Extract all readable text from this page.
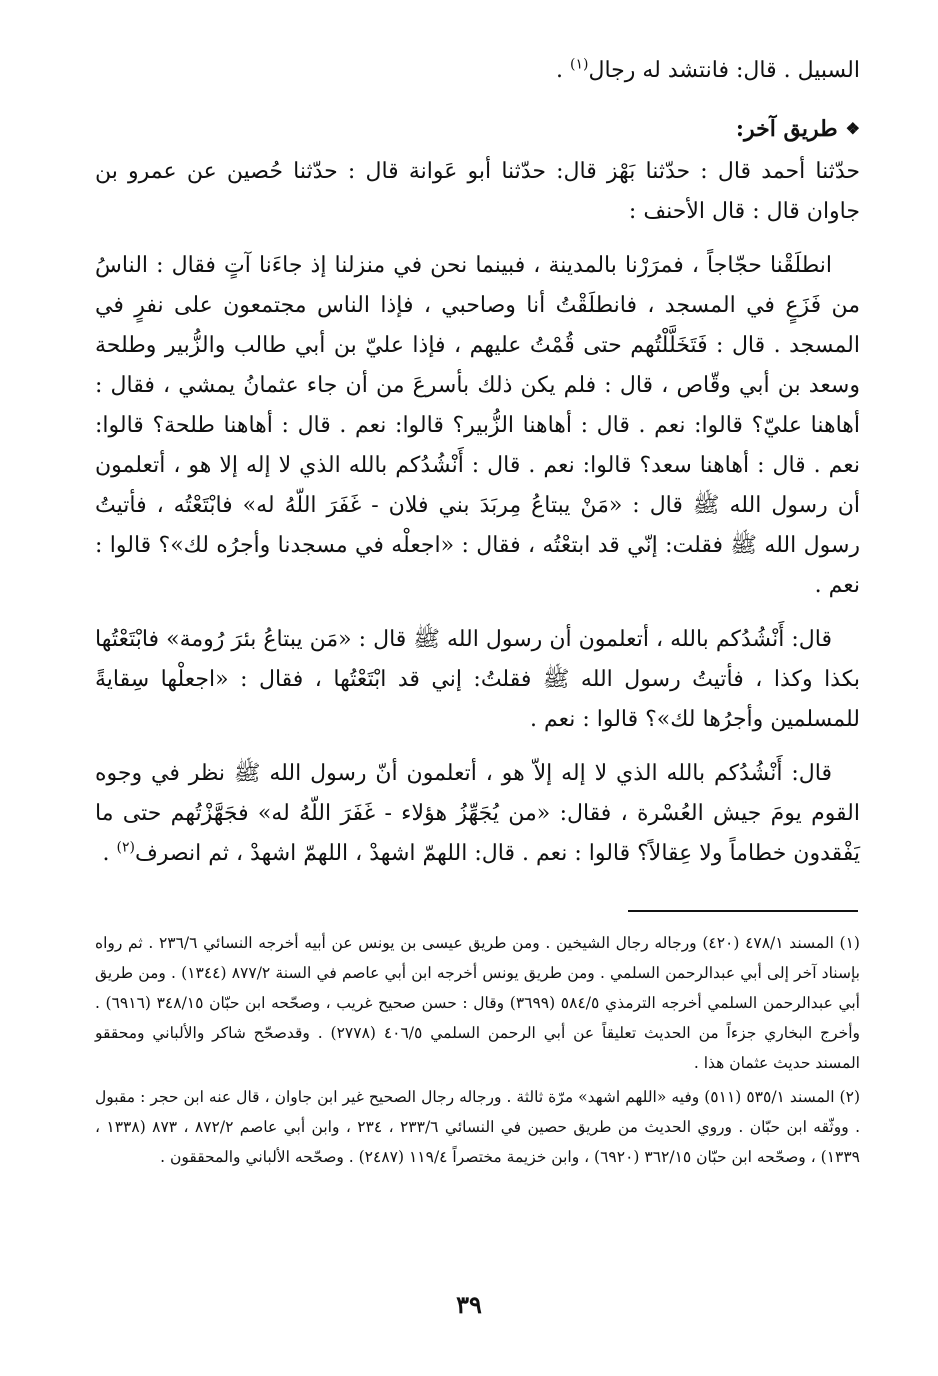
السبيل . قال: فانتشد له رجال$^{(١)}$ .

❖
طريق آخر:

حدّثنا أحمد قال : حدّثنا بَهْز قال: حدّثنا أبو عَوانة قال : حدّثنا حُصين عن عمرو بن جاوان قال : قال الأحنف :

انطلَقْنا حجّاجاً ، فمرَرْنا بالمدينة ، فبينما نحن في منزلنا إذ جاءَنا آتٍ فقال : الناسُ من فَزَعٍ في المسجد ، فانطلَقْتُ أنا وصاحبي ، فإذا الناس مجتمعون على نفرٍ في المسجد . قال : فَتَخَلَّلْتُهم حتى قُمْتُ عليهم ، فإذا عليّ بن أبي طالب والزُّبير وطلحة وسعد بن أبي وقّاص ، قال : فلم يكن ذلك بأسرعَ من أن جاء عثمانُ يمشي ، فقال : أهاهنا عليّ؟ قالوا: نعم . قال : أهاهنا الزُّبير؟ قالوا: نعم . قال : أهاهنا طلحة؟ قالوا: نعم . قال : أهاهنا سعد؟ قالوا: نعم . قال : أَنْشُدُكم بالله الذي لا إله إلا هو ، أتعلمون أن رسول الله ﷺ قال : «مَنْ يبتاعُ مِربَدَ بني فلان - غَفَرَ اللّهُ له» فابْتَعْتُه ، فأتيتُ رسول الله ﷺ فقلت: إنّي قد ابتعْتُه ، فقال : «اجعلْه في مسجدنا وأجرُه لك»؟ قالوا : نعم .

قال: أَنْشُدُكم بالله ، أتعلمون أن رسول الله ﷺ قال : «مَن يبتاعُ بئرَ رُومة» فابْتَعْتُها بكذا وكذا ، فأتيتُ رسول الله ﷺ فقلتُ: إني قد ابْتَعْتُها ، فقال : «اجعلْها سِقايةً للمسلمين وأجرُها لك»؟ قالوا : نعم .

قال: أَنْشُدُكم بالله الذي لا إله إلاّ هو ، أتعلمون أنّ رسول الله ﷺ نظر في وجوه القوم يومَ جيش العُسْرة ، فقال: «من يُجَهِّزُ هؤلاء - غَفَرَ اللّهُ له» فجَهَّزْتُهم حتى ما يَفْقدون خطاماً ولا عِقالاً؟ قالوا : نعم . قال: اللهمّ اشهدْ ، اللهمّ اشهدْ ، ثم انصرف$^{(٢)}$ .

(١) المسند ٤٧٨/١ (٤٢٠) ورجاله رجال الشيخين . ومن طريق عيسى بن يونس عن أبيه أخرجه النسائي ٢٣٦/٦ . ثم رواه بإسناد آخر إلى أبي عبدالرحمن السلمي . ومن طريق يونس أخرجه ابن أبي عاصم في السنة ٨٧٧/٢ (١٣٤٤) . ومن طريق أبي عبدالرحمن السلمي أخرجه الترمذي ٥٨٤/٥ (٣٦٩٩) وقال : حسن صحيح غريب ، وصحّحه ابن حبّان ٣٤٨/١٥ (٦٩١٦) . وأخرج البخاري جزءاً من الحديث تعليقاً عن أبي الرحمن السلمي ٤٠٦/٥ (٢٧٧٨) . وقدصحّح شاكر والألباني ومحققو المسند حديث عثمان هذا .

(٢) المسند ٥٣٥/١ (٥١١) وفيه «اللهم اشهد» مرّة ثالثة . ورجاله رجال الصحيح غير ابن جاوان ، قال عنه ابن حجر : مقبول . ووثّقه ابن حبّان . وروي الحديث من طريق حصين في النسائي ٢٣٣/٦ ، ٢٣٤ ، وابن أبي عاصم ٨٧٢/٢ ، ٨٧٣ (١٣٣٨ ، ١٣٣٩) ، وصحّحه ابن حبّان ٣٦٢/١٥ (٦٩٢٠) ، وابن خزيمة مختصراً ١١٩/٤ (٢٤٨٧) . وصحّحه الألباني والمحققون .

٣٩
